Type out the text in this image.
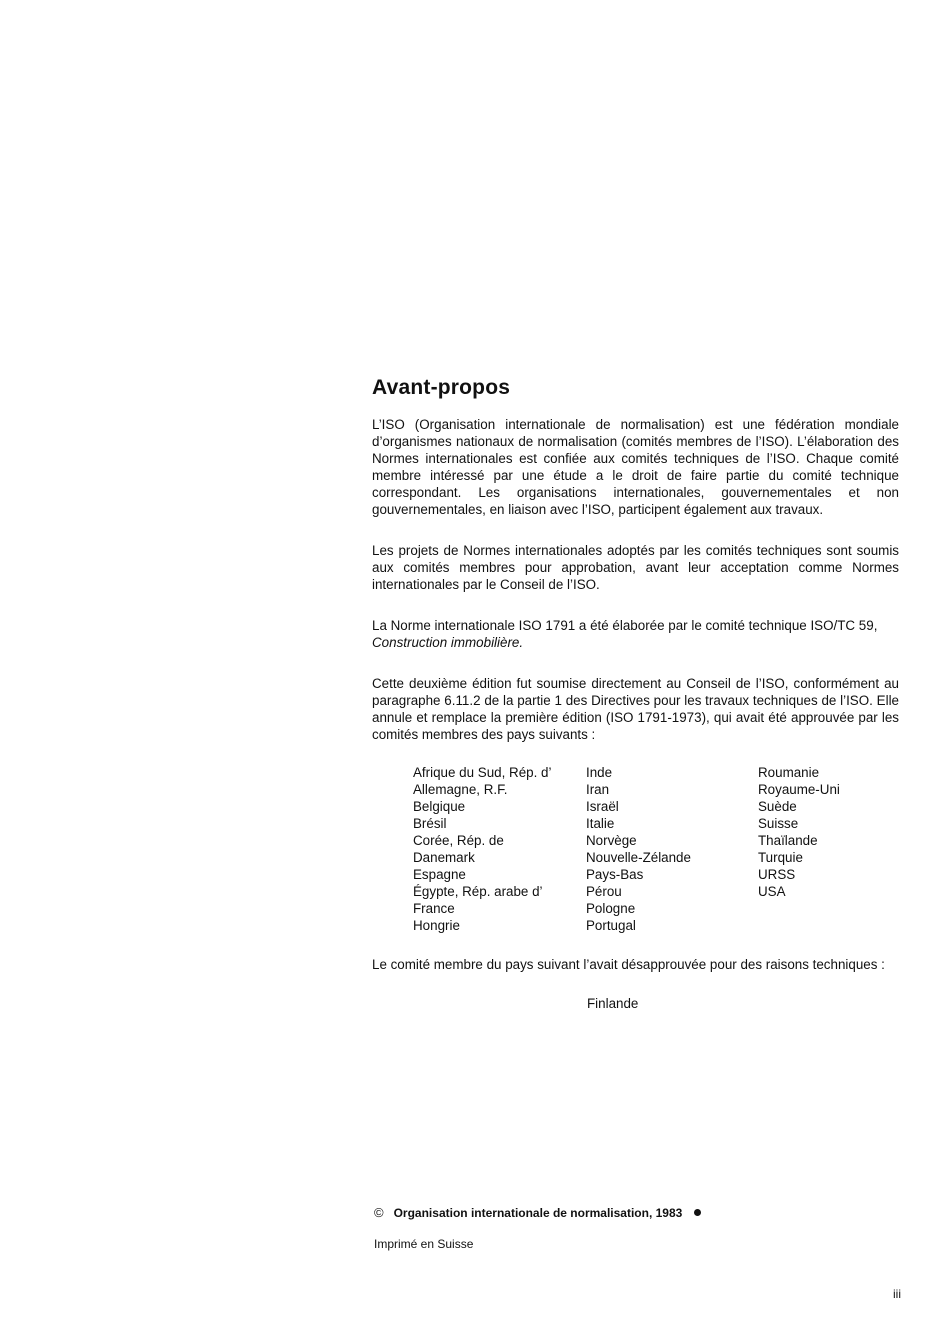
Avant-propos

L’ISO (Organisation internationale de normalisation) est une fédération mondiale d’organismes nationaux de normalisation (comités membres de l’ISO). L’élaboration des Normes internationales est confiée aux comités techniques de l’ISO. Chaque comité membre intéressé par une étude a le droit de faire partie du comité technique correspondant. Les organisations internationales, gouvernementales et non gouvernementales, en liaison avec l’ISO, participent également aux travaux.

Les projets de Normes internationales adoptés par les comités techniques sont soumis aux comités membres pour approbation, avant leur acceptation comme Normes internationales par le Conseil de l’ISO.

La Norme internationale ISO 1791 a été élaborée par le comité technique ISO/TC 59,
Construction immobilière.

Cette deuxième édition fut soumise directement au Conseil de l’ISO, conformément au paragraphe 6.11.2 de la partie 1 des Directives pour les travaux techniques de l’ISO. Elle annule et remplace la première édition (ISO 1791-1973), qui avait été approuvée par les comités membres des pays suivants :

Afrique du Sud, Rép. d’
Allemagne, R.F.
Belgique
Brésil
Corée, Rép. de
Danemark
Espagne
Égypte, Rép. arabe d’
France
Hongrie
Inde
Iran
Israël
Italie
Norvège
Nouvelle-Zélande
Pays-Bas
Pérou
Pologne
Portugal
Roumanie
Royaume-Uni
Suède
Suisse
Thaïlande
Turquie
URSS
USA

Le comité membre du pays suivant l’avait désapprouvée pour des raisons techniques :

Finlande

© Organisation internationale de normalisation, 1983

Imprimé en Suisse

iii
